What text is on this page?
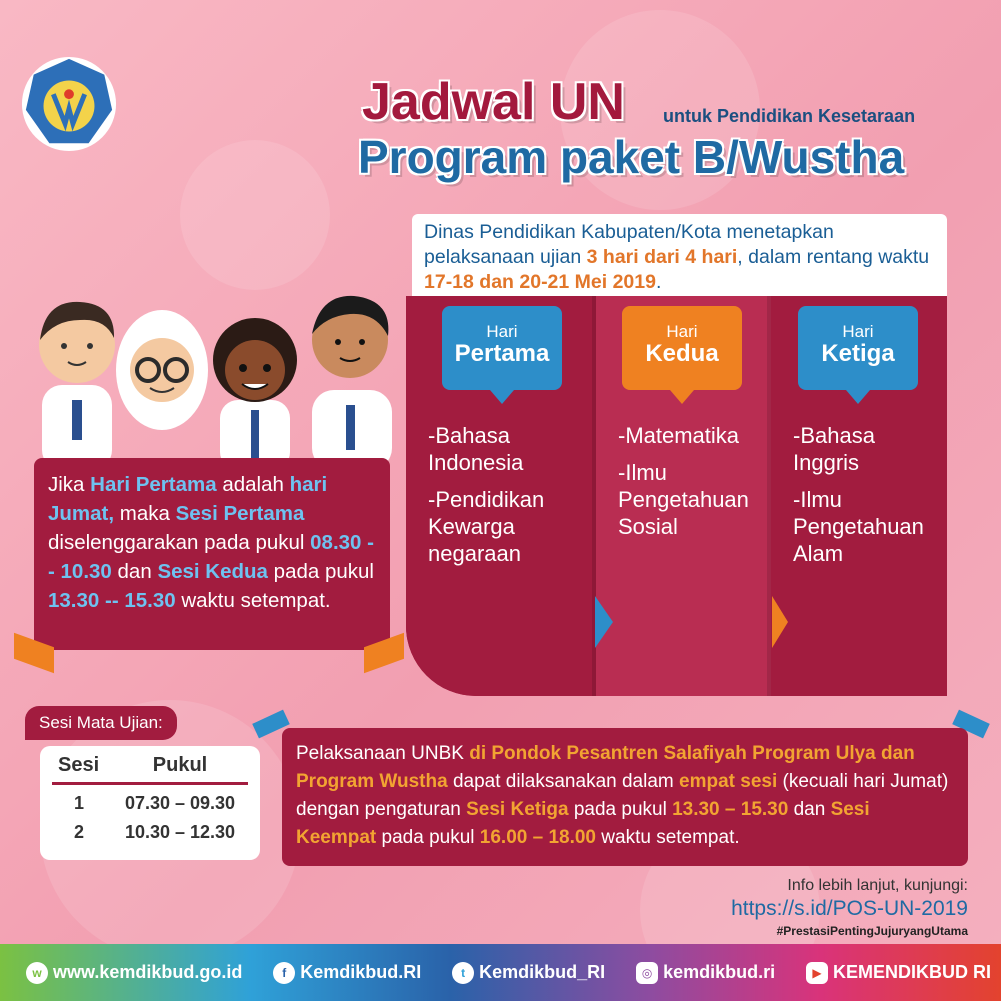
Jadwal UN untuk Pendidikan Kesetaraan
Program paket B/Wustha
Dinas Pendidikan Kabupaten/Kota menetapkan pelaksanaan ujian 3 hari dari 4 hari, dalam rentang waktu 17-18 dan 20-21 Mei 2019.
Hari
Pertama
-Bahasa Indonesia
-Pendidikan Kewarga negaraan
Hari
Kedua
-Matematika
-Ilmu Pengetahuan Sosial
Hari
Ketiga
-Bahasa Inggris
-Ilmu Pengetahuan Alam
Jika Hari Pertama adalah hari Jumat, maka Sesi Pertama diselenggarakan pada pukul 08.30 -- 10.30 dan Sesi Kedua pada pukul 13.30 -- 15.30 waktu setempat.
Sesi Mata Ujian:
Sesi	Pukul
1	07.30 – 09.30
2	10.30 – 12.30
Pelaksanaan UNBK di Pondok Pesantren Salafiyah Program Ulya dan Program Wustha dapat dilaksanakan dalam empat sesi (kecuali hari Jumat) dengan pengaturan Sesi Ketiga pada pukul 13.30 – 15.30 dan Sesi Keempat pada pukul 16.00 – 18.00 waktu setempat.
Info lebih lanjut, kunjungi:
https://s.id/POS-UN-2019
#PrestasiPentingJujuryangUtama
w www.kemdikbud.go.id	f Kemdikbud.RI	t Kemdikbud_RI	◎ kemdikbud.ri	▶ KEMENDIKBUD RI
